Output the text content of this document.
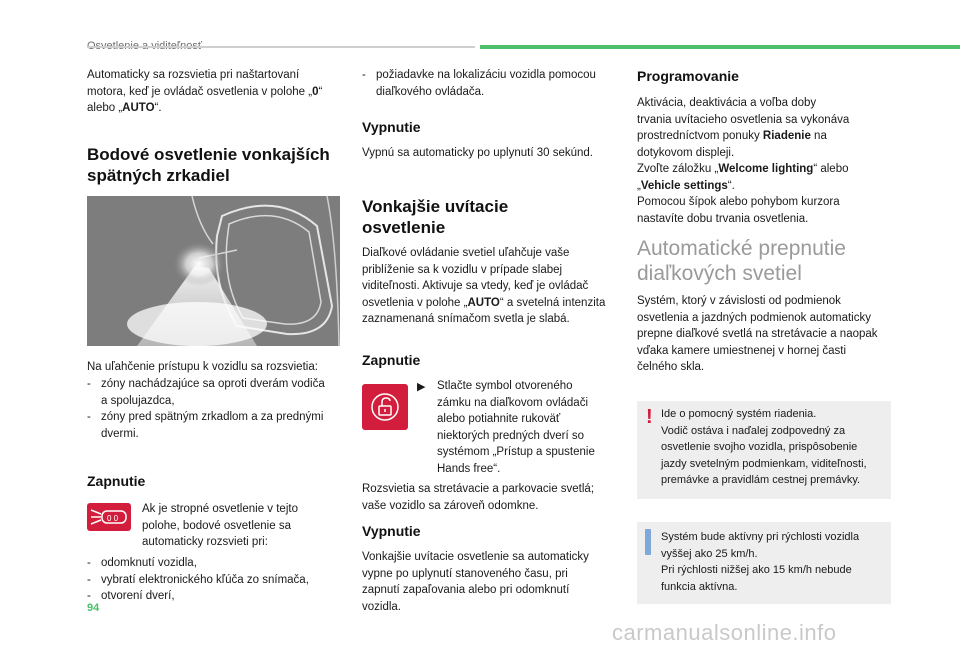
Automaticky sa rozsvietia pri naštartovaní
motora, keď je ovládač osvetlenia v polohe „0“
alebo „AUTO“.
Bodové osvetlenie vonkajších
spätných zrkadiel
Na uľahčenie prístupu k vozidlu sa rozsvietia:
- zóny nachádzajúce sa oproti dverám vodiča
a spolujazdca,
- zóny pred spätným zrkadlom a za prednými
dvermi.
Zapnutie
0 0
Ak je stropné osvetlenie v tejto
polohe, bodové osvetlenie sa
automaticky rozsvieti pri:
- odomknutí vozidla,
- vybratí elektronického kľúča zo snímača,
- otvorení dverí,
- požiadavke na lokalizáciu vozidla pomocou
diaľkového ovládača.
Vypnutie
Vypnú sa automaticky po uplynutí 30 sekúnd.
Vonkajšie uvítacie
osvetlenie
Diaľkové ovládanie svetiel uľahčuje vaše
priblíženie sa k vozidlu v prípade slabej
viditeľnosti. Aktivuje sa vtedy, keď je ovládač
osvetlenia v polohe „AUTO“ a svetelná intenzita
zaznamenaná snímačom svetla je slabá.
Zapnutie
▶︎ Stlačte symbol otvoreného
zámku na diaľkovom ovládači
alebo potiahnite rukoväť
niektorých predných dverí so
systémom „Prístup a spustenie
Hands free“.
Rozsvietia sa stretávacie a parkovacie svetlá;
vaše vozidlo sa zároveň odomkne.
Vypnutie
Vonkajšie uvítacie osvetlenie sa automaticky
vypne po uplynutí stanoveného času, pri
zapnutí zapaľovania alebo pri odomknutí
vozidla.
Programovanie
Aktivácia, deaktivácia a voľba doby
trvania uvítacieho osvetlenia sa vykonáva
prostredníctvom ponuky Riadenie na
dotykovom displeji.
Zvoľte záložku „Welcome lighting“ alebo
„Vehicle settings“.
Pomocou šípok alebo pohybom kurzora
nastavíte dobu trvania osvetlenia.
Automatické prepnutie
diaľkových svetiel
Systém, ktorý v závislosti od podmienok
osvetlenia a jazdných podmienok automaticky
prepne diaľkové svetlá na stretávacie a naopak
vďaka kamere umiestnenej v hornej časti
čelného skla.
! Ide o pomocný systém riadenia.
Vodič ostáva i naďalej zodpovedný za
osvetlenie svojho vozidla, prispôsobenie
jazdy svetelným podmienkam, viditeľnosti,
premávke a pravidlám cestnej premávky.
Systém bude aktívny pri rýchlosti vozidla
vyššej ako 25 km/h.
Pri rýchlosti nižšej ako 15 km/h nebude
funkcia aktívna.
94
carmanualsonline.info
